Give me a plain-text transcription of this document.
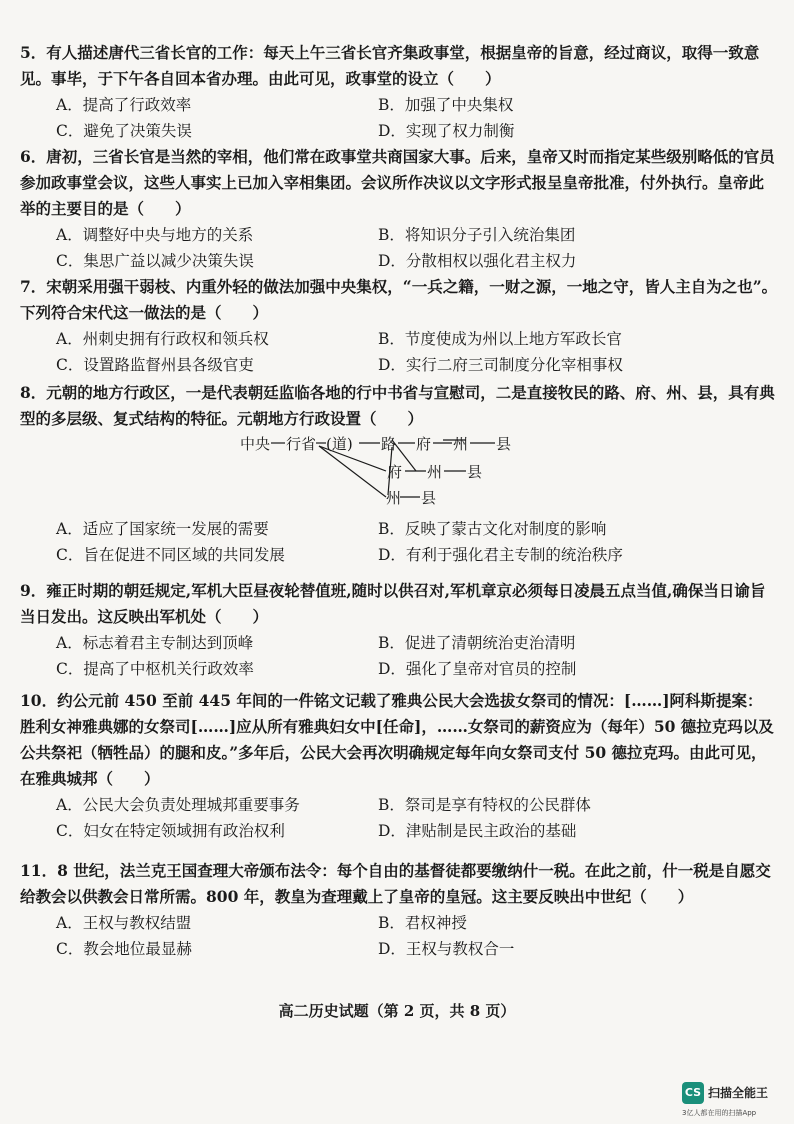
5．有人描述唐代三省长官的工作：每天上午三省长官齐集政事堂，根据皇帝的旨意，经过商议，取得一致意见。事毕，于下午各自回本省办理。由此可见，政事堂的设立（　　）

A．提高了行政效率	B．加强了中央集权
C．避免了决策失误	D．实现了权力制衡

6．唐初，三省长官是当然的宰相，他们常在政事堂共商国家大事。后来，皇帝又时而指定某些级别略低的官员参加政事堂会议，这些人事实上已加入宰相集团。会议所作决议以文字形式报呈皇帝批准，付外执行。皇帝此举的主要目的是（　　）

A．调整好中央与地方的关系	B．将知识分子引入统治集团
C．集思广益以减少决策失误	D．分散相权以强化君主权力

7．宋朝采用强干弱枝、内重外轻的做法加强中央集权，“一兵之籍，一财之源，一地之守，皆人主自为之也”。下列符合宋代这一做法的是（　　）

A．州刺史拥有行政权和领兵权	B．节度使成为州以上地方军政长官
C．设置路监督州县各级官吏	D．实行二府三司制度分化宰相事权

8．元朝的地方行政区，一是代表朝廷监临各地的行中书省与宣慰司，二是直接牧民的路、府、州、县，具有典型的多层级、复式结构的特征。元朝地方行政设置（　　）

中央 行省 (道) 路 府 州 县
府 州 县
州 县
A．适应了国家统一发展的需要	B．反映了蒙古文化对制度的影响
C．旨在促进不同区域的共同发展	D．有利于强化君主专制的统治秩序

9．雍正时期的朝廷规定,军机大臣昼夜轮替值班,随时以供召对,军机章京必须每日凌晨五点当值,确保当日谕旨当日发出。这反映出军机处（　　）

A．标志着君主专制达到顶峰	B．促进了清朝统治吏治清明
C．提高了中枢机关行政效率	D．强化了皇帝对官员的控制

10．约公元前 450 至前 445 年间的一件铭文记载了雅典公民大会选拔女祭司的情况：[……]阿科斯提案：胜利女神雅典娜的女祭司[……]应从所有雅典妇女中[任命]，……女祭司的薪资应为（每年）50 德拉克玛以及公共祭祀（牺牲品）的腿和皮。”多年后，公民大会再次明确规定每年向女祭司支付 50 德拉克玛。由此可见，在雅典城邦（　　）

A．公民大会负责处理城邦重要事务	B．祭司是享有特权的公民群体
C．妇女在特定领域拥有政治权利	D．津贴制是民主政治的基础

11．8 世纪，法兰克王国查理大帝颁布法令：每个自由的基督徒都要缴纳什一税。在此之前，什一税是自愿交给教会以供教会日常所需。800 年，教皇为查理戴上了皇帝的皇冠。这主要反映出中世纪（　　）

A．王权与教权结盟	B．君权神授
C．教会地位最显赫	D．王权与教权合一
高二历史试题（第 2 页，共 8 页）
CS 扫描全能王
3亿人都在用的扫描App
